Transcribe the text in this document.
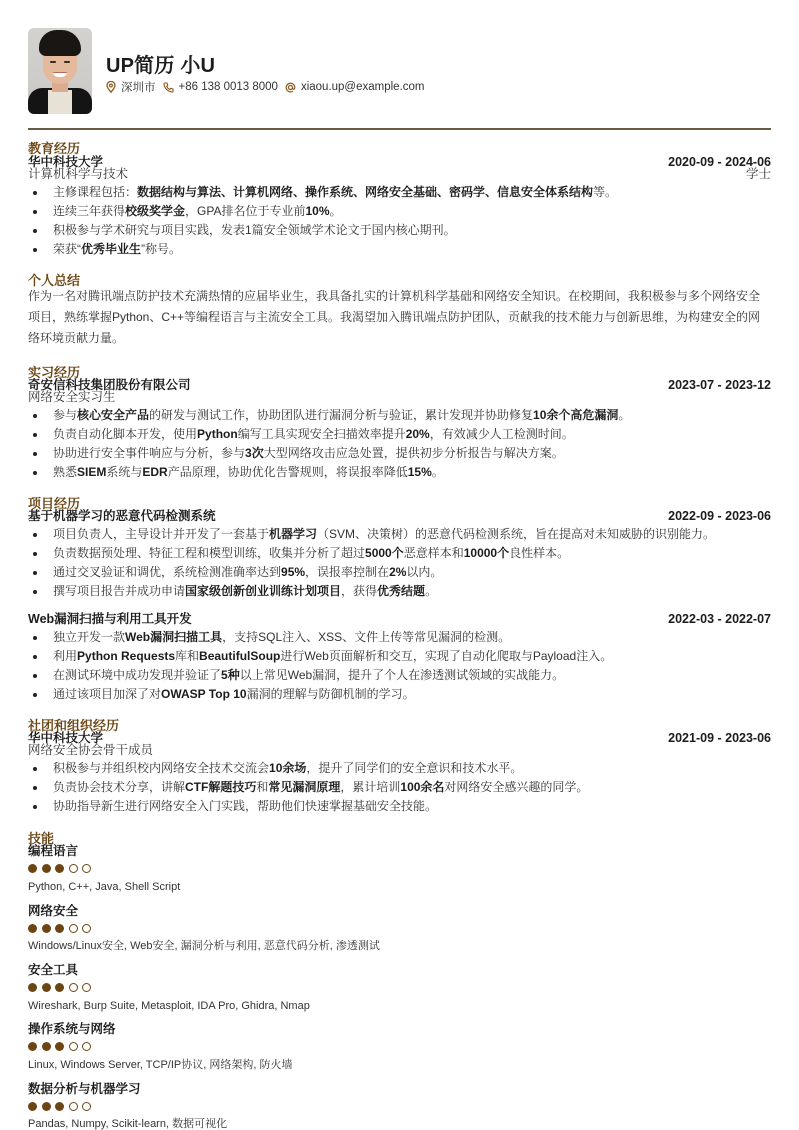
UP简历 小U
深圳市 +86 138 0013 8000 xiaou.up@example.com
教育经历
华中科技大学	2020-09 - 2024-06
计算机科学与技术	学士
主修课程包括：数据结构与算法、计算机网络、操作系统、网络安全基础、密码学、信息安全体系结构等。
连续三年获得校级奖学金，GPA排名位于专业前10%。
积极参与学术研究与项目实践，发表1篇安全领域学术论文于国内核心期刊。
荣获“优秀毕业生”称号。
个人总结
作为一名对腾讯端点防护技术充满热情的应届毕业生，我具备扎实的计算机科学基础和网络安全知识。在校期间，我积极参与多个网络安全项目，熟练掌握Python、C++等编程语言与主流安全工具。我渴望加入腾讯端点防护团队，贡献我的技术能力与创新思维，为构建安全的网络环境贡献力量。
实习经历
奇安信科技集团股份有限公司	2023-07 - 2023-12
网络安全实习生
参与核心安全产品的研发与测试工作，协助团队进行漏洞分析与验证，累计发现并协助修复10余个高危漏洞。
负责自动化脚本开发，使用Python编写工具实现安全扫描效率提升20%，有效减少人工检测时间。
协助进行安全事件响应与分析，参与3次大型网络攻击应急处置，提供初步分析报告与解决方案。
熟悉SIEM系统与EDR产品原理，协助优化告警规则，将误报率降低15%。
项目经历
基于机器学习的恶意代码检测系统	2022-09 - 2023-06
项目负责人，主导设计并开发了一套基于机器学习（SVM、决策树）的恶意代码检测系统，旨在提高对未知威胁的识别能力。
负责数据预处理、特征工程和模型训练，收集并分析了超过5000个恶意样本和10000个良性样本。
通过交叉验证和调优，系统检测准确率达到95%，误报率控制在2%以内。
撰写项目报告并成功申请国家级创新创业训练计划项目，获得优秀结题。
Web漏洞扫描与利用工具开发	2022-03 - 2022-07
独立开发一款Web漏洞扫描工具，支持SQL注入、XSS、文件上传等常见漏洞的检测。
利用Python Requests库和BeautifulSoup进行Web页面解析和交互，实现了自动化爬取与Payload注入。
在测试环境中成功发现并验证了5种以上常见Web漏洞，提升了个人在渗透测试领域的实战能力。
通过该项目加深了对OWASP Top 10漏洞的理解与防御机制的学习。
社团和组织经历
华中科技大学	2021-09 - 2023-06
网络安全协会骨干成员
积极参与并组织校内网络安全技术交流会10余场，提升了同学们的安全意识和技术水平。
负责协会技术分享，讲解CTF解题技巧和常见漏洞原理，累计培训100余名对网络安全感兴趣的同学。
协助指导新生进行网络安全入门实践，帮助他们快速掌握基础安全技能。
技能
编程语言
Python, C++, Java, Shell Script
网络安全
Windows/Linux安全, Web安全, 漏洞分析与利用, 恶意代码分析, 渗透测试
安全工具
Wireshark, Burp Suite, Metasploit, IDA Pro, Ghidra, Nmap
操作系统与网络
Linux, Windows Server, TCP/IP协议, 网络架构, 防火墙
数据分析与机器学习
Pandas, Numpy, Scikit-learn, 数据可视化
